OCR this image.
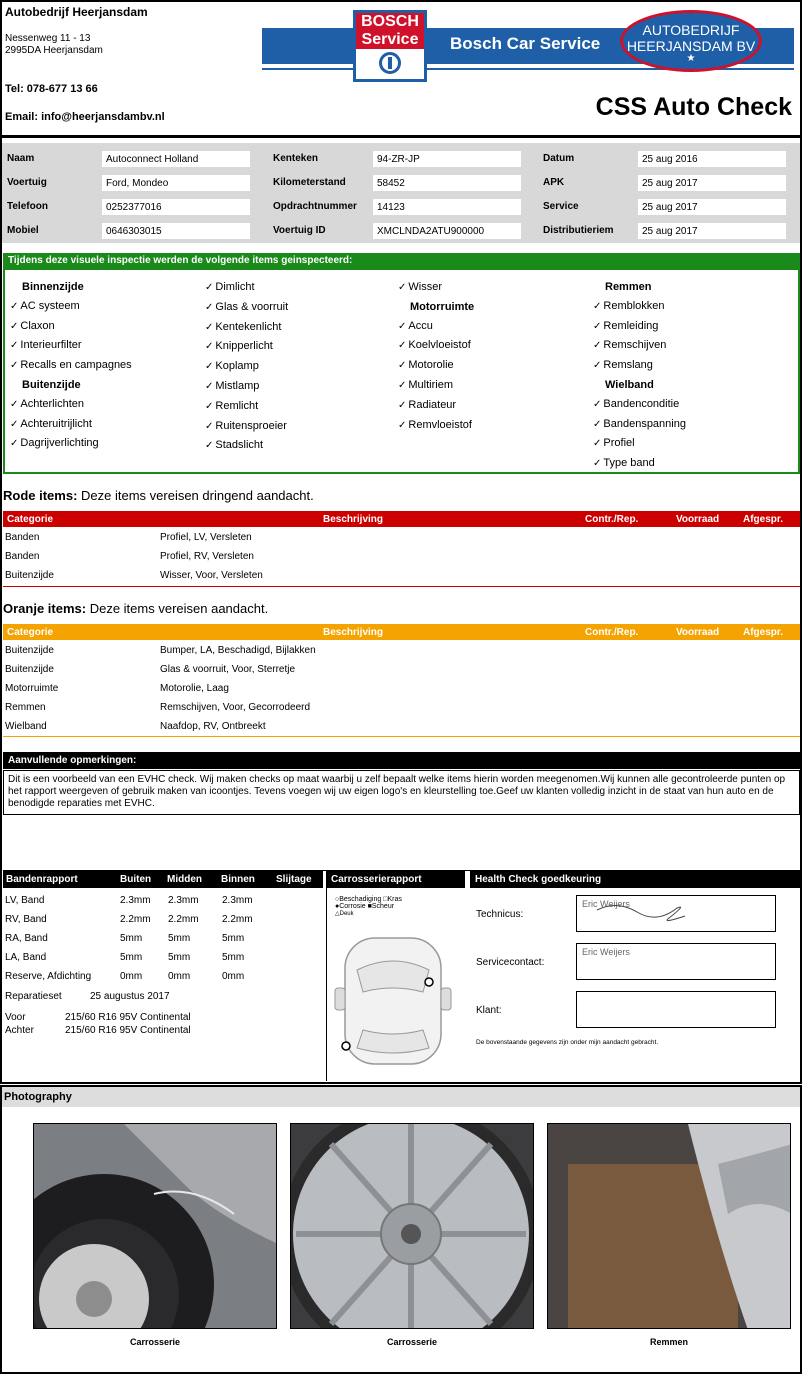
Autobedrijf Heerjansdam
Nessenweg 11 - 13
2995DA Heerjansdam
Tel: 078-677 13 66
Email: info@heerjansdambv.nl
BOSCH
Service	Bosch Car Service
AUTOBEDRIJF
HEERJANSDAM BV
★
CSS Auto Check
Naam	Autoconnect Holland
Voertuig	Ford, Mondeo
Telefoon	0252377016
Mobiel	0646303015
Kenteken	94-ZR-JP
Kilometerstand	58452
Opdrachtnummer	14123
Voertuig ID	XMCLNDA2ATU900000
Datum	25 aug 2016
APK	25 aug 2017
Service	25 aug 2017
Distributieriem	25 aug 2017
Tijdens deze visuele inspectie werden de volgende items geinspecteerd:
Binnenzijde
✓ AC systeem
✓ Claxon
✓ Interieurfilter
✓ Recalls en campagnes
Buitenzijde
✓ Achterlichten
✓ Achteruitrijlicht
✓ Dagrijverlichting
✓ Dimlicht
✓ Glas & voorruit
✓ Kentekenlicht
✓ Knipperlicht
✓ Koplamp
✓ Mistlamp
✓ Remlicht
✓ Ruitensproeier
✓ Stadslicht
✓ Wisser
Motorruimte
✓ Accu
✓ Koelvloeistof
✓ Motorolie
✓ Multiriem
✓ Radiateur
✓ Remvloeistof
Remmen
✓ Remblokken
✓ Remleiding
✓ Remschijven
✓ Remslang
Wielband
✓ Bandenconditie
✓ Bandenspanning
✓ Profiel
✓ Type band
Rode items: Deze items vereisen dringend aandacht.
Categorie	Beschrijving	Contr./Rep.	Voorraad Afgespr.
Banden	Profiel, LV, Versleten
Banden	Profiel, RV, Versleten
Buitenzijde	Wisser, Voor, Versleten
Oranje items: Deze items vereisen aandacht.
Categorie	Beschrijving	Contr./Rep.	Voorraad Afgespr.
Buitenzijde	Bumper, LA, Beschadigd, Bijlakken
Buitenzijde	Glas & voorruit, Voor, Sterretje
Motorruimte	Motorolie, Laag
Remmen	Remschijven, Voor, Gecorrodeerd
Wielband	Naafdop, RV, Ontbreekt
Aanvullende opmerkingen:
Dit is een voorbeeld van een EVHC check. Wij maken checks op maat waarbij u zelf bepaalt welke items hierin worden meegenomen.Wij kunnen alle gecontroleerde punten op het rapport weergeven of gebruik maken van icoontjes. Tevens voegen wij uw eigen logo's en kleurstelling toe.Geef uw klanten volledig inzicht in de staat van hun auto en de benodigde reparaties met EVHC.
Bandenrapport	Buiten Midden Binnen Slijtage
LV, Band	2.3mm 2.3mm 2.3mm
RV, Band	2.2mm 2.2mm 2.2mm
RA, Band	5mm	5mm	5mm
LA, Band	5mm	5mm	5mm
Reserve, Afdichting	0mm	0mm	0mm
Reparatieset	25 augustus 2017
Voor	215/60 R16 95V Continental
Achter	215/60 R16 95V Continental
Carrosserierapport
○Beschadiging □Kras
●Corrosie ■Scheur
△Deuk
Health Check goedkeuring
Technicus:
Eric Weijers
Servicecontact:
Eric Weijers
Klant:
De bovenstaande gegevens zijn onder mijn aandacht gebracht.
Photography
Carrosserie	Carrosserie	Remmen
